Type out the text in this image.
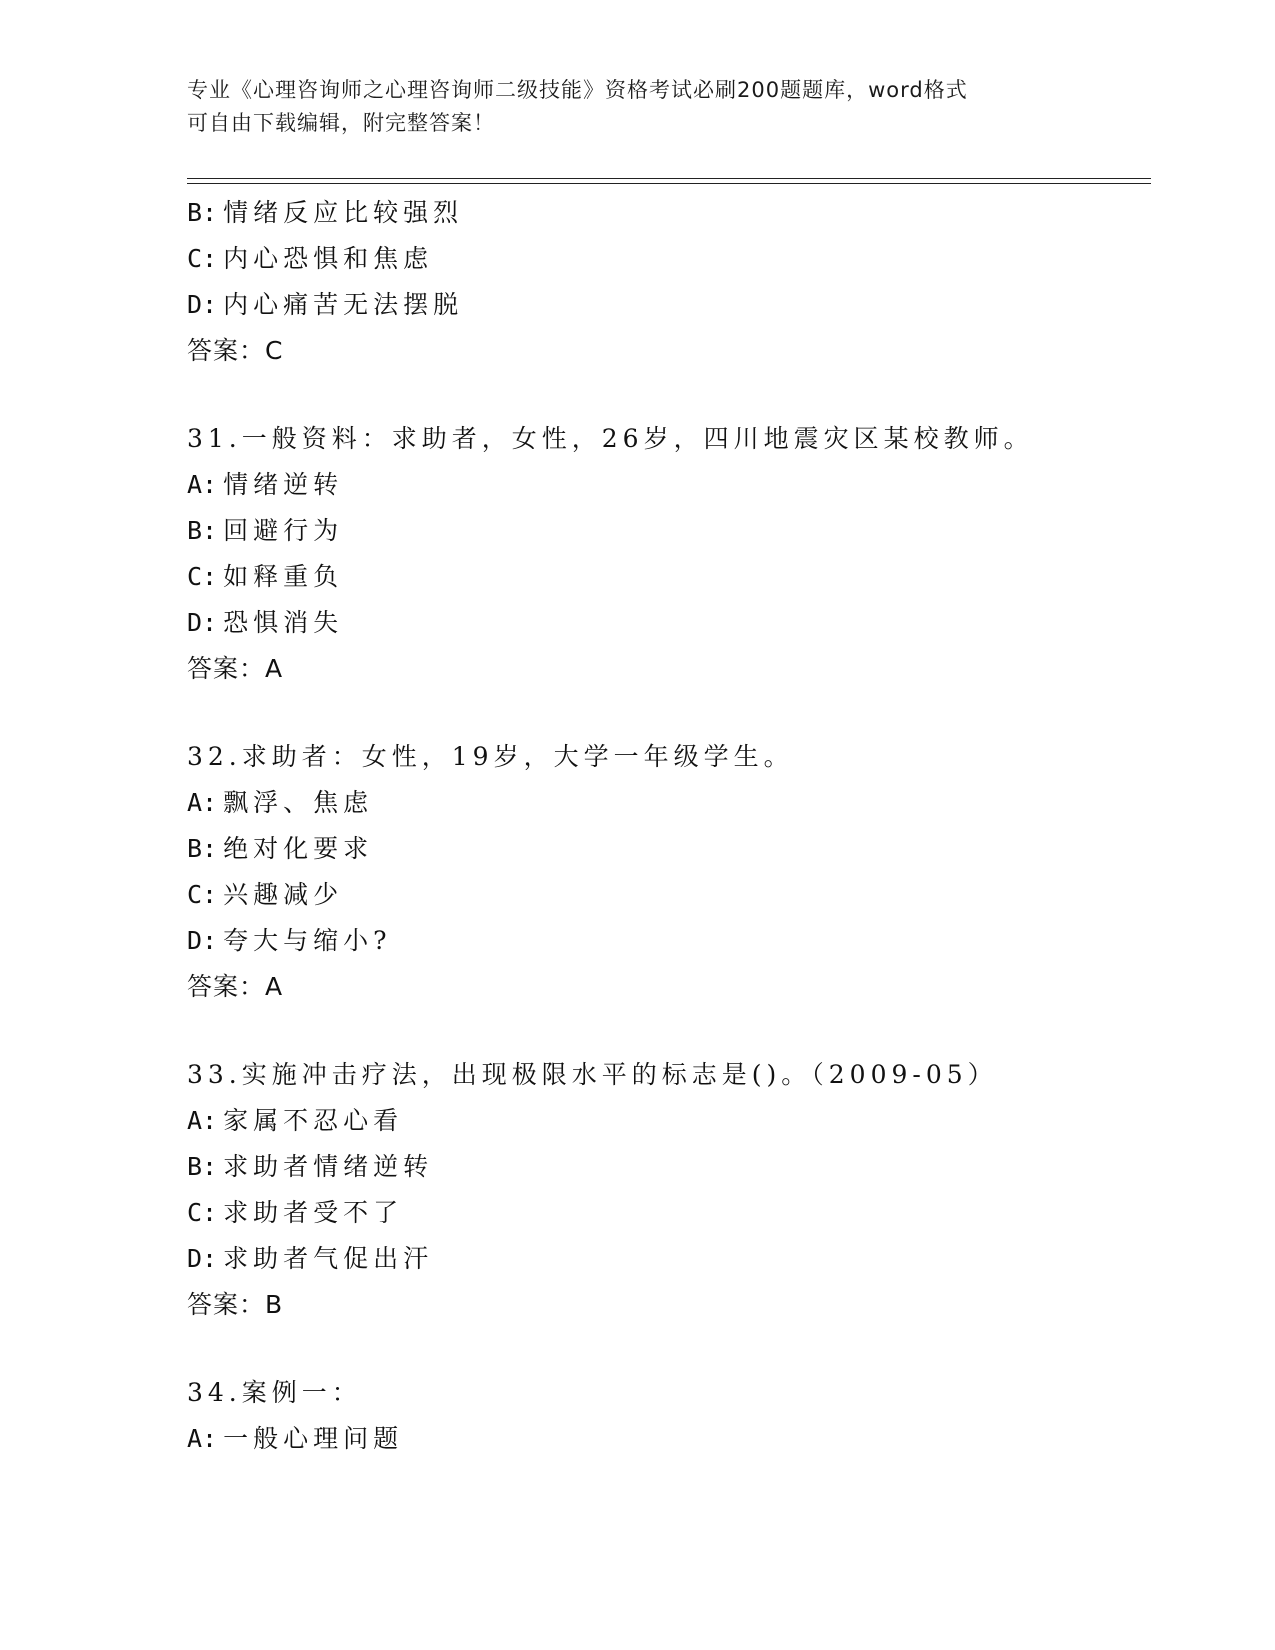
专业《心理咨询师之心理咨询师二级技能》资格考试必刷200题题库，word格式
可自由下载编辑，附完整答案！
B: 情绪反应比较强烈
C: 内心恐惧和焦虑
D: 内心痛苦无法摆脱
答案：C
31.一般资料：求助者，女性，26岁，四川地震灾区某校教师。
A: 情绪逆转
B: 回避行为
C: 如释重负
D: 恐惧消失
答案：A
32.求助者：女性，19岁，大学一年级学生。
A: 飘浮、焦虑
B: 绝对化要求
C: 兴趣减少
D: 夸大与缩小?
答案：A
33.实施冲击疗法，出现极限水平的标志是()。（2009-05）
A: 家属不忍心看
B: 求助者情绪逆转
C: 求助者受不了
D: 求助者气促出汗
答案：B
34.案例一：
A: 一般心理问题
